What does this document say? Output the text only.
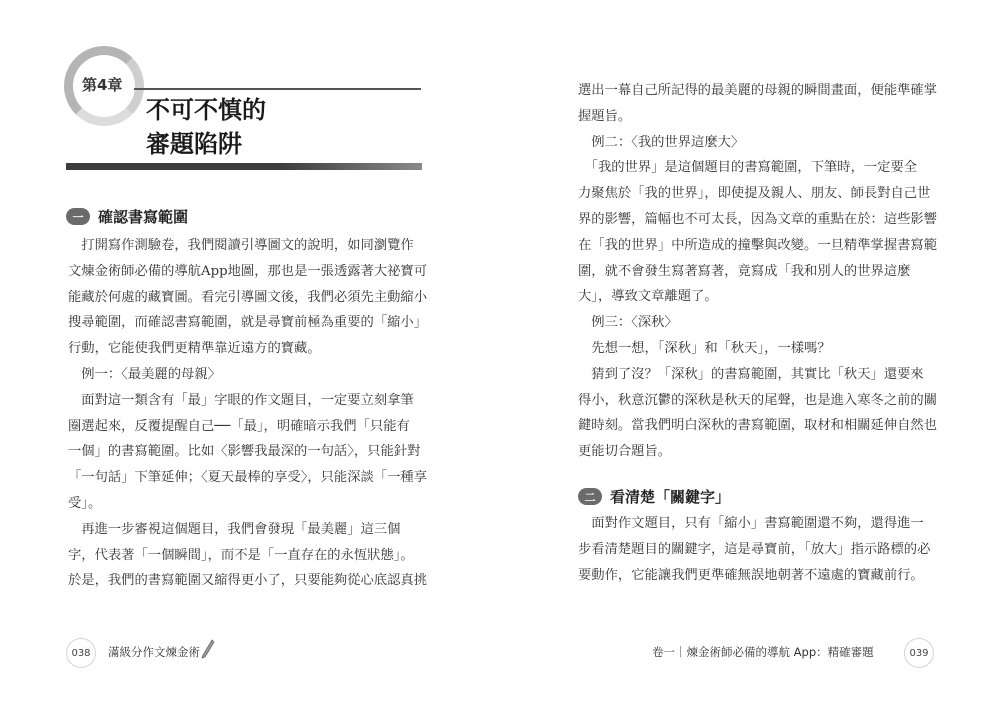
第4章
不可不慎的
審題陷阱
一 確認書寫範圍

　打開寫作測驗卷，我們閱讀引導圖文的說明，如同瀏覽作

文煉金術師必備的導航App地圖，那也是一張透露著大祕寶可

能藏於何處的藏寶圖。看完引導圖文後，我們必須先主動縮小

搜尋範圍，而確認書寫範圍，就是尋寶前極為重要的「縮小」

行動，它能使我們更精準靠近遠方的寶藏。

　例一：〈最美麗的母親〉

　面對這一類含有「最」字眼的作文題目，一定要立刻拿筆

圈選起來，反覆提醒自己──「最」，明確暗示我們「只能有

一個」的書寫範圍。比如〈影響我最深的一句話〉，只能針對

「一句話」下筆延伸；〈夏天最棒的享受〉，只能深談「一種享

受」。

　再進一步審視這個題目，我們會發現「最美麗」這三個

字，代表著「一個瞬間」，而不是「一直存在的永恆狀態」。

於是，我們的書寫範圍又縮得更小了，只要能夠從心底認真挑

038	滿級分作文煉金術

選出一幕自己所記得的最美麗的母親的瞬間畫面，便能準確掌

握題旨。

　例二：〈我的世界這麼大〉

　「我的世界」是這個題目的書寫範圍，下筆時，一定要全

力聚焦於「我的世界」，即使提及親人、朋友、師長對自己世

界的影響，篇幅也不可太長，因為文章的重點在於：這些影響

在「我的世界」中所造成的撞擊與改變。一旦精準掌握書寫範

圍，就不會發生寫著寫著，竟寫成「我和別人的世界這麼

大」，導致文章離題了。

　例三：〈深秋〉

　先想一想，「深秋」和「秋天」，一樣嗎？

　猜到了沒？「深秋」的書寫範圍，其實比「秋天」還要來

得小，秋意沉鬱的深秋是秋天的尾聲，也是進入寒冬之前的關

鍵時刻。當我們明白深秋的書寫範圍，取材和相關延伸自然也

更能切合題旨。

二 看清楚「關鍵字」

　面對作文題目，只有「縮小」書寫範圍還不夠，還得進一

步看清楚題目的關鍵字，這是尋寶前，「放大」指示路標的必

要動作，它能讓我們更準確無誤地朝著不遠處的寶藏前行。

卷一｜煉金術師必備的導航 App：精確審題	039
